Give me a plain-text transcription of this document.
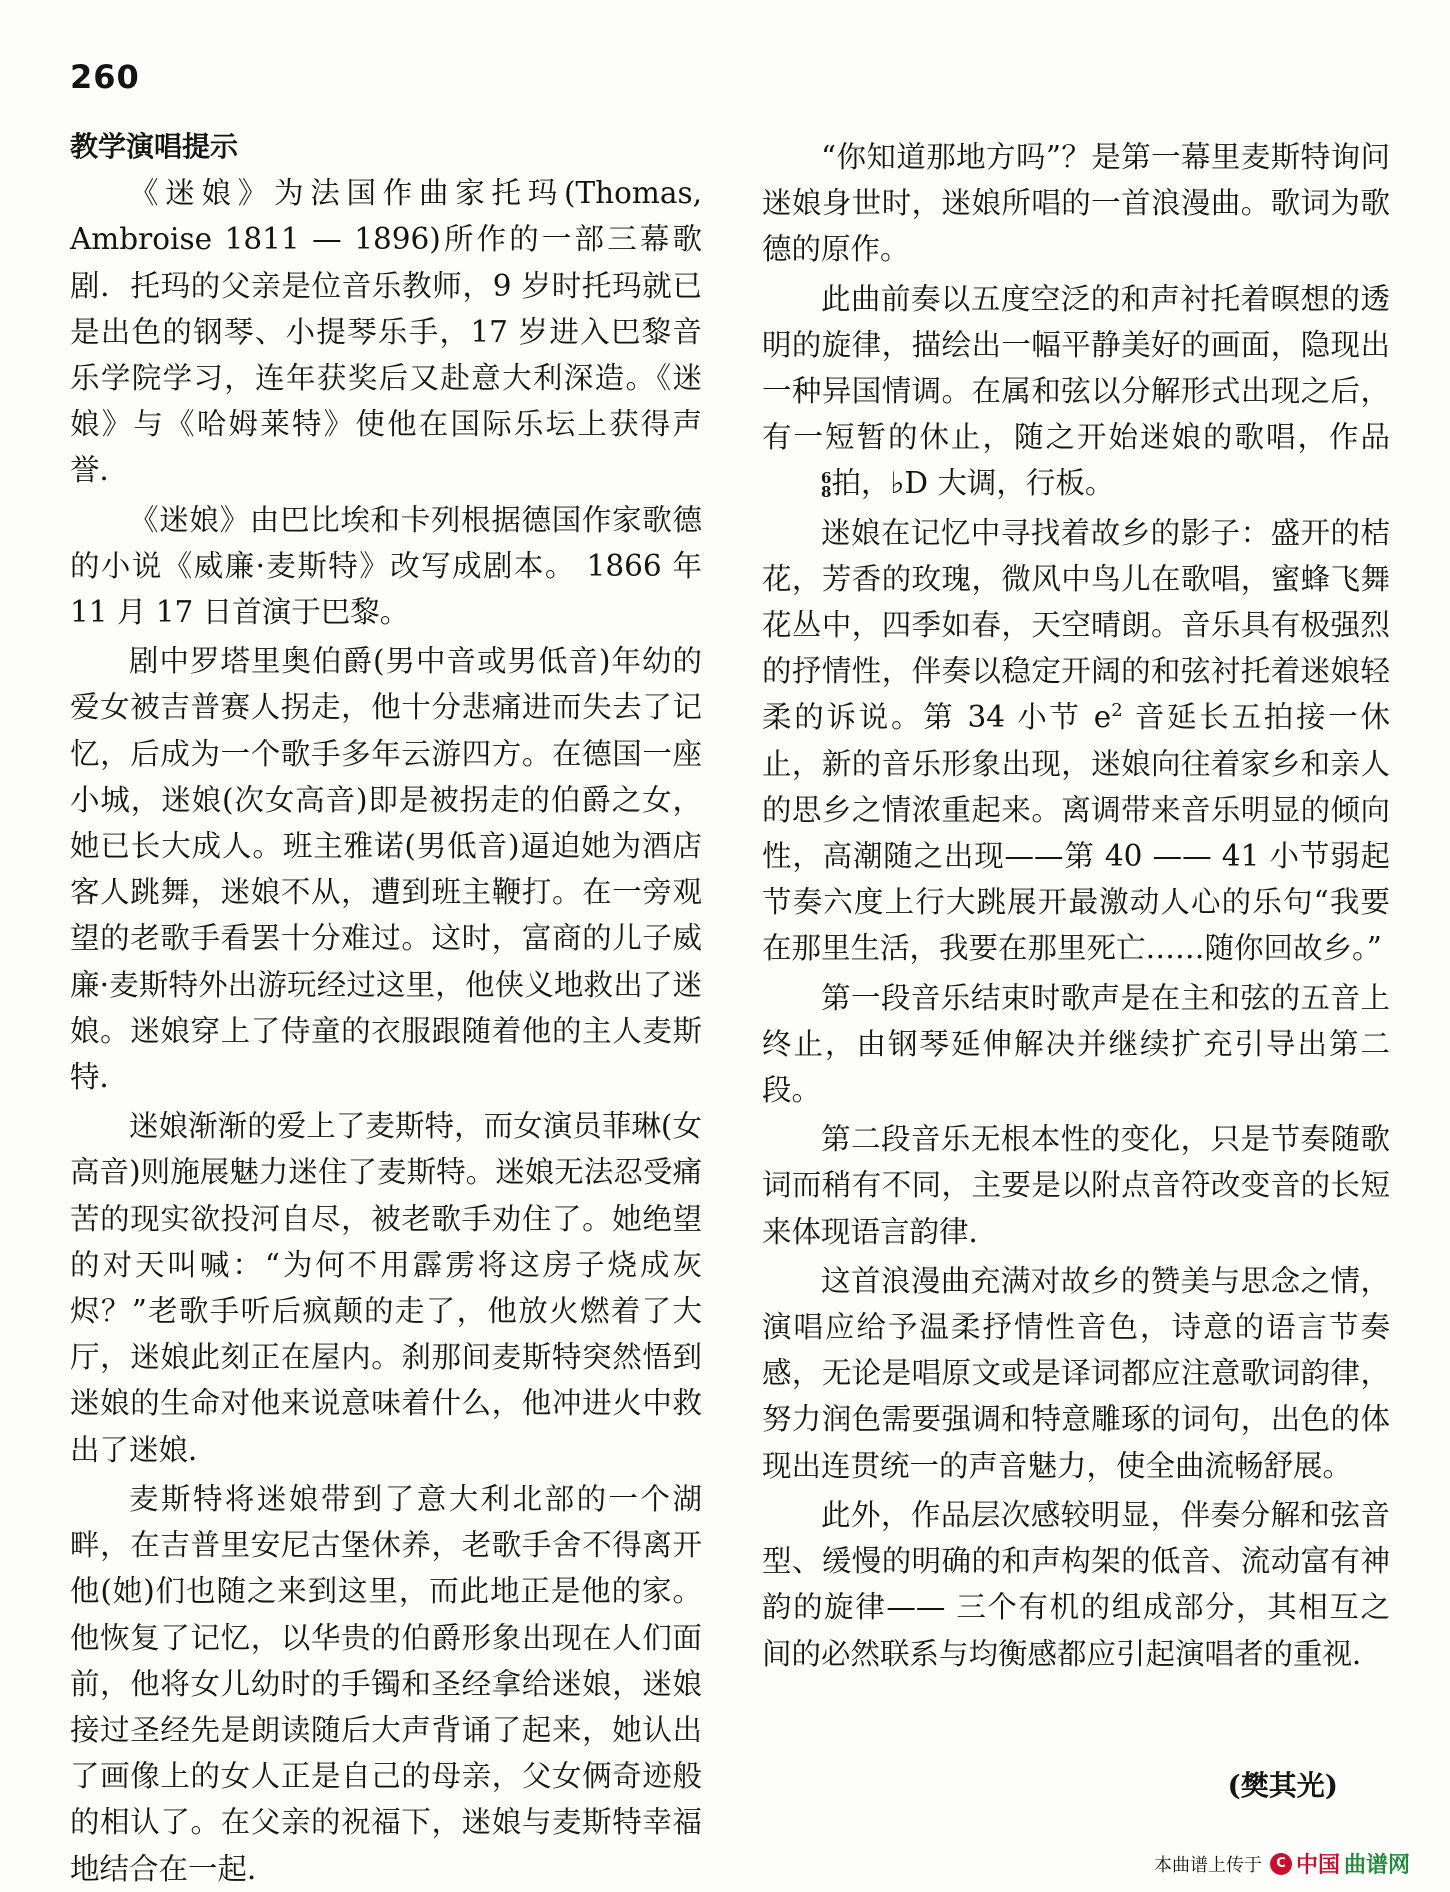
260
教学演唱提示

《迷娘》为法国作曲家托玛(Thomas, Ambroise 1811 — 1896)所作的一部三幕歌剧．托玛的父亲是位音乐教师，9 岁时托玛就已是出色的钢琴、小提琴乐手，17 岁进入巴黎音乐学院学习，连年获奖后又赴意大利深造。《迷娘》与《哈姆莱特》使他在国际乐坛上获得声誉．

《迷娘》由巴比埃和卡列根据德国作家歌德的小说《威廉·麦斯特》改写成剧本。 1866 年 11 月 17 日首演于巴黎。

剧中罗塔里奥伯爵(男中音或男低音)年幼的爱女被吉普赛人拐走，他十分悲痛进而失去了记忆，后成为一个歌手多年云游四方。在德国一座小城，迷娘(次女高音)即是被拐走的伯爵之女，她已长大成人。班主雅诺(男低音)逼迫她为酒店客人跳舞，迷娘不从，遭到班主鞭打。在一旁观望的老歌手看罢十分难过。这时，富商的儿子威廉·麦斯特外出游玩经过这里，他侠义地救出了迷娘。迷娘穿上了侍童的衣服跟随着他的主人麦斯特．

迷娘渐渐的爱上了麦斯特，而女演员菲琳(女高音)则施展魅力迷住了麦斯特。迷娘无法忍受痛苦的现实欲投河自尽，被老歌手劝住了。她绝望的对天叫喊：“为何不用霹雳将这房子烧成灰烬？”老歌手听后疯颠的走了，他放火燃着了大厅，迷娘此刻正在屋内。刹那间麦斯特突然悟到迷娘的生命对他来说意味着什么，他冲进火中救出了迷娘．

麦斯特将迷娘带到了意大利北部的一个湖畔，在吉普里安尼古堡休养，老歌手舍不得离开他(她)们也随之来到这里，而此地正是他的家。他恢复了记忆，以华贵的伯爵形象出现在人们面前，他将女儿幼时的手镯和圣经拿给迷娘，迷娘接过圣经先是朗读随后大声背诵了起来，她认出了画像上的女人正是自己的母亲，父女俩奇迹般的相认了。在父亲的祝福下，迷娘与麦斯特幸福地结合在一起．

“你知道那地方吗”？是第一幕里麦斯特询问迷娘身世时，迷娘所唱的一首浪漫曲。歌词为歌德的原作。

此曲前奏以五度空泛的和声衬托着暝想的透明的旋律，描绘出一幅平静美好的画面，隐现出一种异国情调。在属和弦以分解形式出现之后，有一短暂的休止，随之开始迷娘的歌唱，作品
6
8 拍，♭D 大调，行板。

迷娘在记忆中寻找着故乡的影子：盛开的桔花，芳香的玫瑰，微风中鸟儿在歌唱，蜜蜂飞舞花丛中，四季如春，天空晴朗。音乐具有极强烈的抒情性，伴奏以稳定开阔的和弦衬托着迷娘轻柔的诉说。第 34 小节 $e^2$ 音延长五拍接一休止，新的音乐形象出现，迷娘向往着家乡和亲人的思乡之情浓重起来。离调带来音乐明显的倾向性，高潮随之出现——第 40 —— 41 小节弱起节奏六度上行大跳展开最激动人心的乐句“我要在那里生活，我要在那里死亡……随你回故乡。”

第一段音乐结束时歌声是在主和弦的五音上终止，由钢琴延伸解决并继续扩充引导出第二段。

第二段音乐无根本性的变化，只是节奏随歌词而稍有不同，主要是以附点音符改变音的长短来体现语言韵律．

这首浪漫曲充满对故乡的赞美与思念之情，演唱应给予温柔抒情性音色，诗意的语言节奏感，无论是唱原文或是译词都应注意歌词韵律，努力润色需要强调和特意雕琢的词句，出色的体现出连贯统一的声音魅力，使全曲流畅舒展。

此外，作品层次感较明显，伴奏分解和弦音型、缓慢的明确的和声构架的低音、流动富有神韵的旋律—— 三个有机的组成部分，其相互之间的必然联系与均衡感都应引起演唱者的重视．

(樊其光)
本曲谱上传于	C 中国 曲谱网
